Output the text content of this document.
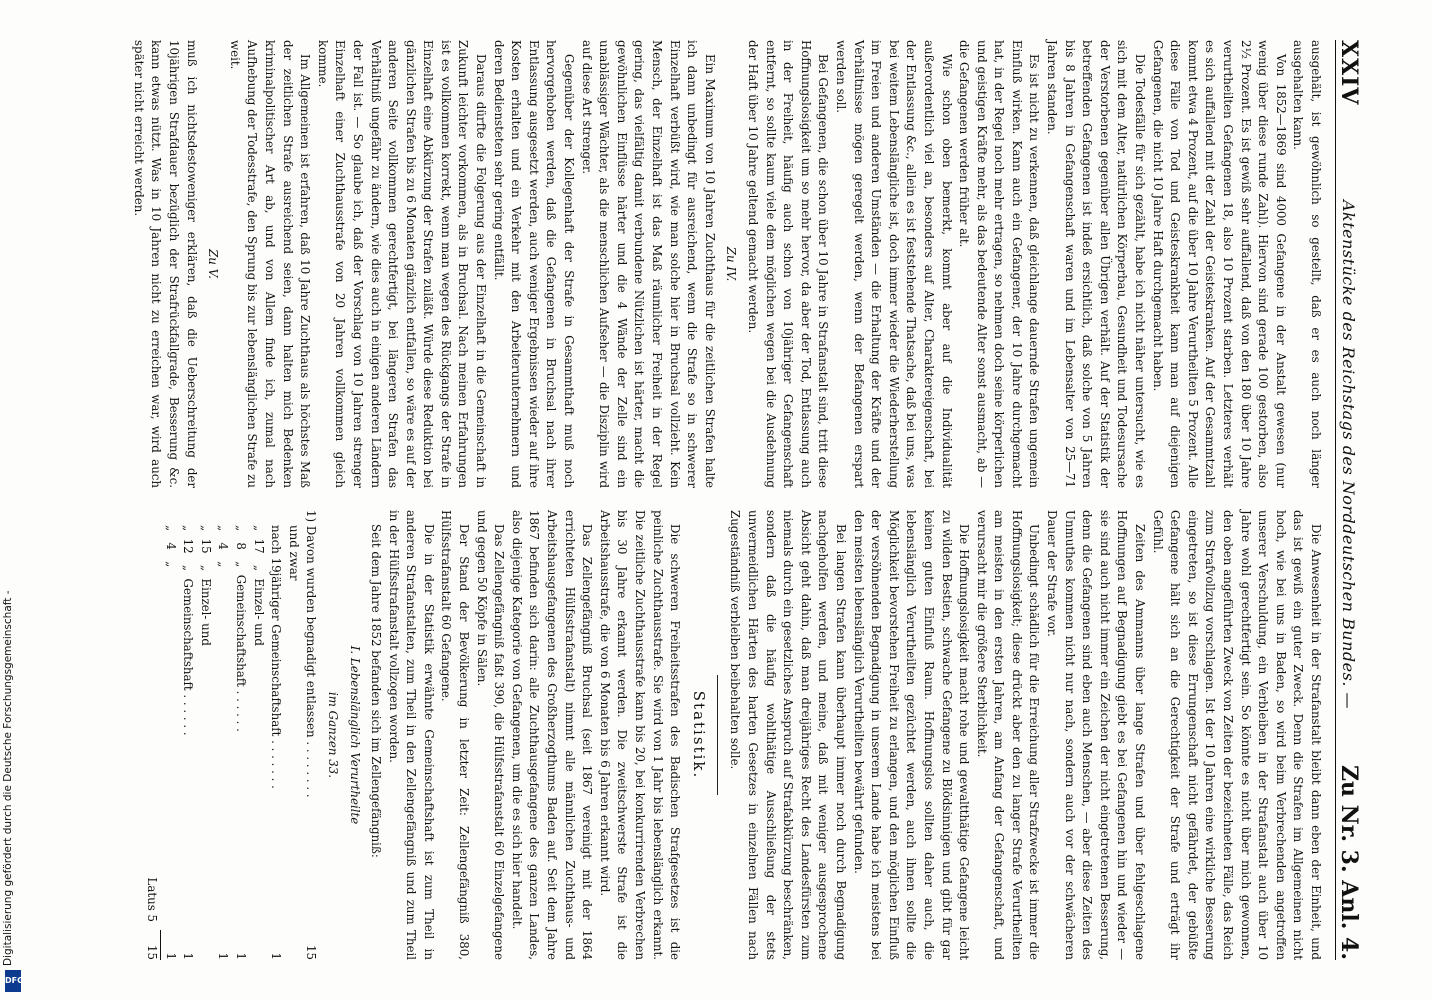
XXIV
Aktenstücke des Reichstags des Norddeutschen Bundes. —
Zu Nr. 3. Anl. 4.

ausgehält, ist gewöhnlich so gestellt, daß er es auch noch länger ausgehalten kann.

Von 1852—1869 sind 4000 Gefangene in der Anstalt gewesen (nur wenig über diese runde Zahl). Hiervon sind gerade 100 gestorben, also 2½ Prozent. Es ist gewiß sehr auffallend, daß von den 180 über 10 Jahre verurtheilten Gefangenen 18, also 10 Prozent starben. Letzteres verhält es sich auffallend mit der Zahl der Geisteskranken. Auf der Gesammtzahl kommt etwa 4 Prozent, auf die über 10 Jahre Verurtheilten 5 Prozent. Alle diese Fälle von Tod und Geisteskrankheit kann man auf diejenigen Gefangenen, die nicht 10 Jahre Haft durchgemacht haben.

Die Todesfälle für sich gezählt, habe ich nicht näher untersucht, wie es sich mit dem Alter, natürlichen Körperbau, Gesundheit und Todesursache der Verstorbenen gegenüber allen Übrigen verhält. Auf der Statistik der betreffenden Gefangenen ist indeß ersichtlich, daß solche von 5 Jahren bis 8 Jahren in Gefangenschaft waren und im Lebensalter von 25—71 Jahren standen.

Es ist nicht zu verkennen, daß gleichlange dauernde Strafen ungemein Einfluß wirken. Kann auch ein Gefangener, der 10 Jahre durchgemacht hat, in der Regel noch mehr ertragen, so nehmen doch seine körperlichen und geistigen Kräfte mehr, als das bedeutende Alter sonst ausmacht, ab — die Gefangenen werden früher alt.

Wie schon oben bemerkt, kommt aber auf die Individualität außerordentlich viel an, besonders auf Alter, Charaktereigenschaft, bei der Entlassung &c., allein es ist feststehende Thatsache, daß bei uns, was bei weitem Lebenslängliche ist, doch immer wieder die Wiederherstellung im Freien und anderen Umständen — die Erhaltung der Kräfte und der Verhältnisse mögen geregelt werden, wenn der Befangenen erspart werden soll.

Bei Gefangenen, die schon über 10 Jahre in Strafanstalt sind, tritt diese Hoffnungslosigkeit um so mehr hervor, da aber der Tod, Entlassung auch in der Freiheit, häufig auch schon von 10jähriger Gefangenschaft entfernt, so sollte kaum viele dem möglichen wegen bei die Ausdehnung der Haft über 10 Jahre geltend gemacht werden.

Zu IV.

Ein Maximum von 10 Jahren Zuchthaus für die zeitlichen Strafen halte ich dann unbedingt für ausreichend, wenn die Strafe so in schwerer Einzelhaft verbüßt wird, wie man solche hier in Bruchsal vollzieht. Kein Mensch, der Einzelhaft ist das Maß räumlicher Freiheit in der Regel gering, das vielfältig damit verbundene Nützlichen ist härter, macht die gewöhnlichen Einflüsse härter und die 4 Wände der Zelle sind ein unablässiger Wächter, als die menschlichen Aufseher — die Disziplin wird auf diese Art strenger.

Gegenüber der Kollegenhaft der Strafe in Gesammthaft muß noch hervorgehoben werden, daß die Gefangenen in Bruchsal nach ihrer Entlassung ausgesetzt werden, auch weniger Ergebnissen wieder auf ihre Kosten erhalten und ein Verkehr mit den Arbeiterunternehmern und deren Bediensteten sehr gering entfällt.

Daraus dürfte die Folgerung aus der Einzelhaft in die Gemeinschaft in Zukunft leichter vorkommen, als in Bruchsal. Nach meinen Erfahrungen ist es vollkommen korrekt, wenn man wegen des Rückgangs der Strafe in Einzelhaft eine Abkürzung der Strafen zuläßt. Würde diese Reduktion bei gänzlichen Strafen bis zu 6 Monaten gänzlich entfallen, so wäre es auf der anderen Seite vollkommen gerechtfertigt, bei längeren Strafen das Verhältniß ungefähr zu ändern, wie dies auch in einigen anderen Ländern der Fall ist. — So glaube ich, daß der Vorschlag von 10 Jahren strenger Einzelhaft einer Zuchthausstrafe von 20 Jahren vollkommen gleich komme.

Im Allgemeinen ist erfahren, daß 10 Jahre Zuchthaus als höchstes Maß der zeitlichen Strafe ausreichend seien, dann halten mich Bedenken kriminalpolitischer Art ab, und von Allem finde ich, zumal nach Aufhebung der Todesstrafe, den Sprung bis zur lebenslänglichen Strafe zu weit.

Zu V.

muß ich nichtsdestoweniger erklären, daß die Ueberschreitung der 10jährigen Strafdauer bezüglich der Strafrückfallgrade, Besserung &c. kann etwas nützt. Was in 10 Jahren nicht zu erreichen war, wird auch später nicht erreicht werden.

Die Anwesenheit in der Strafanstalt bleibt dann eben der Einheit, und das ist gewiß ein guter Zweck. Denn die Strafen im Allgemeinen nicht hoch, wie bei uns in Baden, so wird beim Verbrechenden angetroffen unserer Verschuldung, ein Verbleiben in der Strafanstalt auch über 10 Jahre wohl gerechtfertigt sein. So könnte es nicht über mich gewonnen, den oben angeführten Zweck von Zeiten der bezeichneten Fälle, das Reich zum Strafvollzug vorschlagen. Ist der 10 Jahren eine wirkliche Besserung eingetreten, so ist diese Errungenschaft nicht gefährdet, der gebüßte Gefangene hält sich an die Gerechtigkeit der Strafe und erträgt ihr Gefühl.

Zeiten des Ammanns über lange Strafen und über fehlgeschlagene Hoffnungen auf Begnadigung giebt es bei Gefangenen hin und wieder — sie sind auch nicht immer ein Zeichen der nicht eingetretenen Besserung, denn die Gefangenen sind eben auch Menschen, — aber diese Zeiten des Unmuthes kommen nicht nur nach, sondern auch vor der schwächeren Dauer der Strafe vor.

Unbedingt schädlich für die Erreichung aller Strafzwecke ist immer die Hoffnungslosigkeit; diese drückt aber den zu langer Strafe Verurtheilten am meisten in den ersten Jahren, am Anfang der Gefangenschaft, und verursacht mir die größere Sterblichkeit.

Die Hoffnungslosigkeit macht rohe und gewaltthätige Gefangene leicht zu wilden Bestien, schwache Gefangene zu Blödsinnigen und gibt für gar keinen guten Einfluß Raum. Hoffnungslos sollten daher auch, die lebenslänglich Verurtheilten gezüchtet werden, auch ihnen sollte die Möglichkeit bevorstehen Freiheit zu erlangen, und den möglichen Einfluß der versöhnenden Begnadigung in unserem Lande habe ich meistens bei den meisten lebenslänglich Verurtheilten bewährt gefunden.

Bei langen Strafen kann überhaupt immer noch durch Begnadigung nachgeholfen werden, und meine, daß mit weniger ausgesprochene Absicht geht dahin, daß man dreijähriges Recht des Landesfürsten zum niemals durch ein gesetzliches Anspruch auf Strafabkürzung beschränken, sondern daß die häufig wohlthätige Ausschließung der stets unvermeidlichen Härten des harten Gesetzes in einzelnen Fällen nach Zugeständniß verbleiben beibehalten solle.

Statistik.

Die schweren Freiheitsstrafen des Badischen Strafgesetzes ist die peinliche Zuchthausstrafe. Sie wird von 1 Jahr bis lebenslänglich erkannt. Die zeitliche Zuchthausstrafe kann bis 20, bei konkurrirenden Verbrechen bis 30 Jahre erkannt werden. Die zweitschwerste Strafe ist die Arbeitshausstrafe, die von 6 Monaten bis 6 Jahren erkannt wird.

Das Zellengefängniß Bruchsal (seit 1867 vereinigt mit der 1864 errichteten Hülfsstrafanstalt) nimmt alle männlichen Zuchthaus- und Arbeitshausgefangenen des Großherzogthums Baden auf. Seit dem Jahre 1867 befinden sich darin: alle Zuchthausgefangene des ganzen Landes, also diejenige Kategorie von Gefangenen, um die es sich hier handelt.

Das Zellengefängniß faßt 390, die Hülfsstrafanstalt 60 Einzelgefangene und gegen 50 Köpfe in Sälen.

Der Stand der Bevölkerung in letzter Zeit: Zellengefängniß 380, Hülfsstrafanstalt 60 Gefangene.

Die in der Statistik erwähnte Gemeinschaftshaft ist zum Theil in anderen Strafanstalten, zum Theil in den Zellengefängniß und zum Theil in der Hülfsstrafanstalt vollzogen worden.

Seit dem Jahre 1852 befanden sich im Zellengefängniß:

I. Lebenslänglich Verurtheilte

im Ganzen 33.

1) Davon wurden begnadigt entlassen . . . . . . . .	15
und zwar	
nach 19jähriger Gemeinschaftshaft . . . . . . .	1
„  17   „  Einzel- und	
„   8   „  Gemeinschaftshaft . . . . . .	1
„   4   „	1
„  15   „  Einzel- und	
„  12   „  Gemeinschaftshaft . . . . . .	1
„   4   „	1
Latus 5	15
Digitalisierung gefördert durch die Deutsche Forschungsgemeinschaft -
DFG
